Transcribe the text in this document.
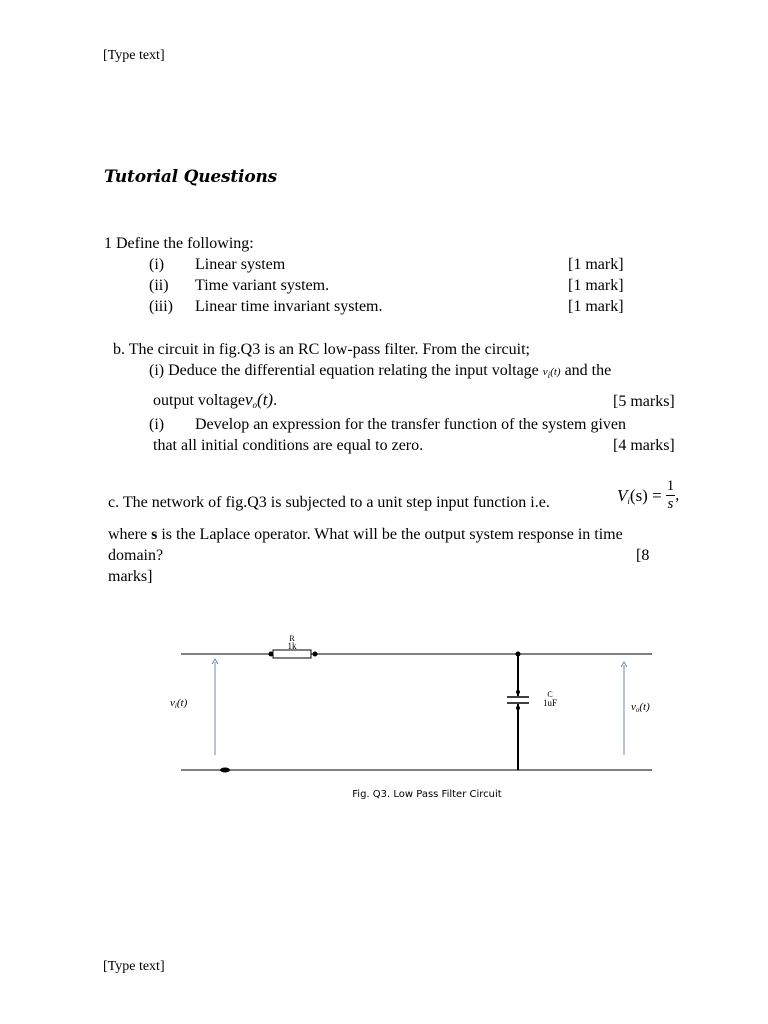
[Type text]
Tutorial Questions
1 Define the following:
(i) Linear system	[1 mark]
(ii) Time variant system.	[1 mark]
(iii) Linear time invariant system.	[1 mark]
b. The circuit in fig.Q3 is an RC low-pass filter. From the circuit;
(i) Deduce the differential equation relating the input voltage $v_i(t)$ and the
output voltagev$_o$(t).	[5 marks]
(i) Develop an expression for the transfer function of the system given
that all initial conditions are equal to zero.	[4 marks]
c. The network of fig.Q3 is subjected to a unit step input function i.e.	$V_i(s) = \frac{1}{s}$ ,
where s is the Laplace operator. What will be the output system response in time
domain?	[8
marks]
R
1k
C
1uF
vi(t)	vo(t)
Fig. Q3. Low Pass Filter Circuit
[Type text]
